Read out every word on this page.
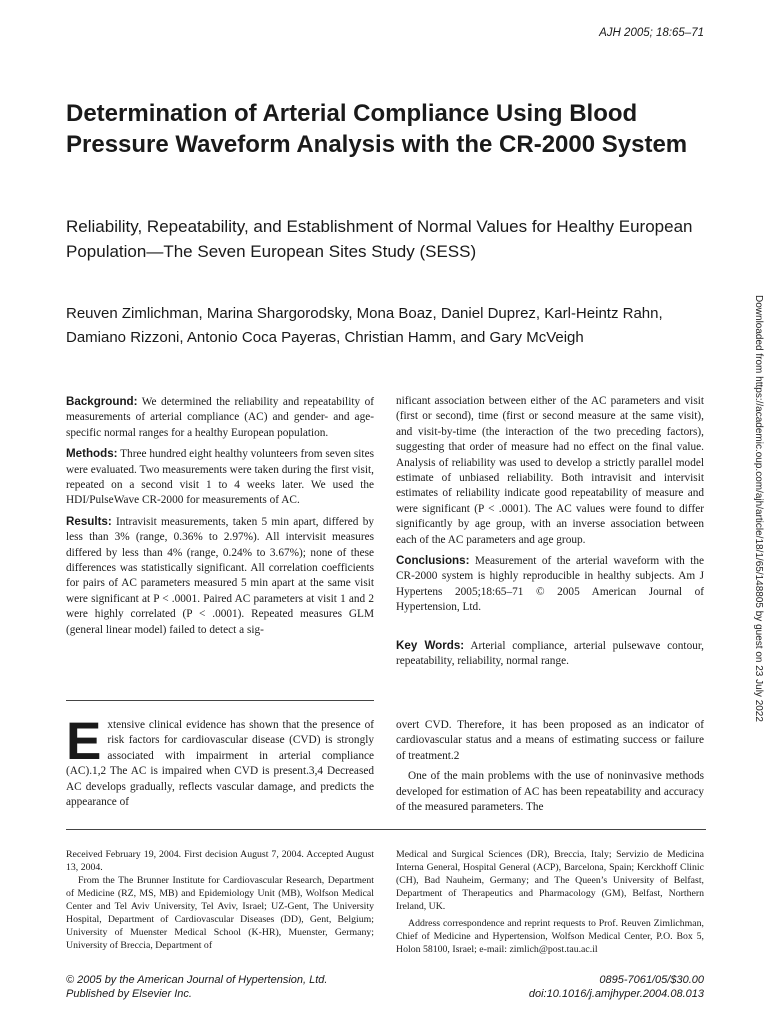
AJH 2005; 18:65–71
Determination of Arterial Compliance Using Blood Pressure Waveform Analysis with the CR-2000 System
Reliability, Repeatability, and Establishment of Normal Values for Healthy European Population—The Seven European Sites Study (SESS)

Reuven Zimlichman, Marina Shargorodsky, Mona Boaz, Daniel Duprez, Karl-Heintz Rahn, Damiano Rizzoni, Antonio Coca Payeras, Christian Hamm, and Gary McVeigh	Downloaded from https://academic.oup.com/ajh/article/18/1/65/148805 by guest on 23 July 2022

Background: We determined the reliability and repeatability of measurements of arterial compliance (AC) and gender- and age-specific normal ranges for a healthy European population.

Methods: Three hundred eight healthy volunteers from seven sites were evaluated. Two measurements were taken during the first visit, repeated on a second visit 1 to 4 weeks later. We used the HDI/PulseWave CR-2000 for measurements of AC.

Results: Intravisit measurements, taken 5 min apart, differed by less than 3% (range, 0.36% to 2.97%). All intervisit measures differed by less than 4% (range, 0.24% to 3.67%); none of these differences was statistically significant. All correlation coefficients for pairs of AC parameters measured 5 min apart at the same visit were significant at P < .0001. Paired AC parameters at visit 1 and 2 were highly correlated (P < .0001). Repeated measures GLM (general linear model) failed to detect a sig-

nificant association between either of the AC parameters and visit (first or second), time (first or second measure at the same visit), and visit-by-time (the interaction of the two preceding factors), suggesting that order of measure had no effect on the final value. Analysis of reliability was used to develop a strictly parallel model estimate of unbiased reliability. Both intravisit and intervisit estimates of reliability indicate good repeatability of measure and were significant (P < .0001). The AC values were found to differ significantly by age group, with an inverse association between each of the AC parameters and age group.

Conclusions: Measurement of the arterial waveform with the CR-2000 system is highly reproducible in healthy subjects. Am J Hypertens 2005;18:65–71 © 2005 American Journal of Hypertension, Ltd.

Key Words: Arterial compliance, arterial pulsewave contour, repeatability, reliability, normal range.

Extensive clinical evidence has shown that the presence of risk factors for cardiovascular disease (CVD) is strongly associated with impairment in arterial compliance (AC).1,2 The AC is impaired when CVD is present.3,4 Decreased AC develops gradually, reflects vascular damage, and predicts the appearance of

overt CVD. Therefore, it has been proposed as an indicator of cardiovascular status and a means of estimating success or failure of treatment.2

One of the main problems with the use of noninvasive methods developed for estimation of AC has been repeatability and accuracy of the measured parameters. The

Received February 19, 2004. First decision August 7, 2004. Accepted August 13, 2004.

From the The Brunner Institute for Cardiovascular Research, Department of Medicine (RZ, MS, MB) and Epidemiology Unit (MB), Wolfson Medical Center and Tel Aviv University, Tel Aviv, Israel; UZ-Gent, The University Hospital, Department of Cardiovascular Diseases (DD), Gent, Belgium; University of Muenster Medical School (K-HR), Muenster, Germany; University of Breccia, Department of

Medical and Surgical Sciences (DR), Breccia, Italy; Servizio de Medicina Interna General, Hospital General (ACP), Barcelona, Spain; Kerckhoff Clinic (CH), Bad Nauheim, Germany; and The Queen’s University of Belfast, Department of Therapeutics and Pharmacology (GM), Belfast, Northern Ireland, UK.

Address correspondence and reprint requests to Prof. Reuven Zimlichman, Chief of Medicine and Hypertension, Wolfson Medical Center, P.O. Box 5, Holon 58100, Israel; e-mail: zimlich@post.tau.ac.il

© 2005 by the American Journal of Hypertension, Ltd.
Published by Elsevier Inc.
0895-7061/05/$30.00
doi:10.1016/j.amjhyper.2004.08.013
